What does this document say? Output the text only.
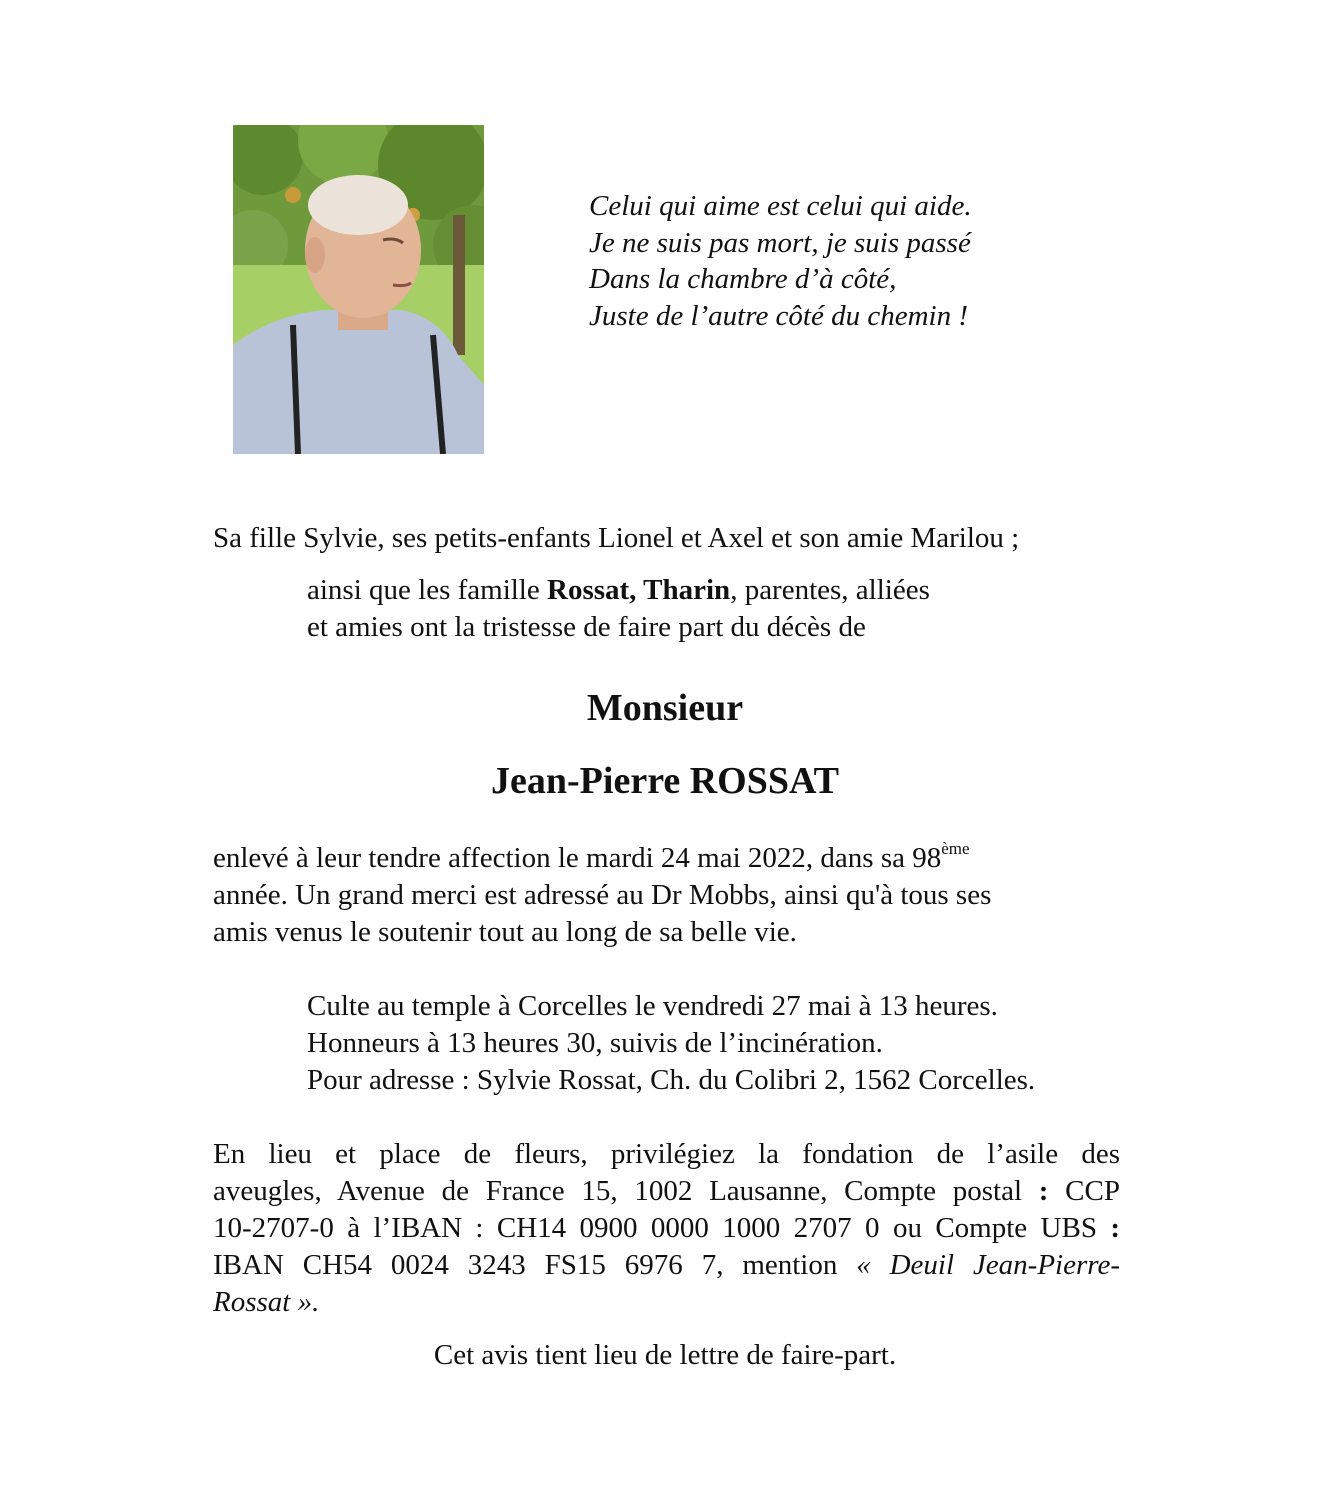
Celui qui aime est celui qui aide.
Je ne suis pas mort, je suis passé
Dans la chambre d’à côté,
Juste de l’autre côté du chemin !
Sa fille Sylvie, ses petits-enfants Lionel et Axel et son amie Marilou ;
ainsi que les famille Rossat, Tharin, parentes, alliées
et amies ont la tristesse de faire part du décès de
Monsieur
Jean-Pierre ROSSAT
enlevé à leur tendre affection le mardi 24 mai 2022, dans sa 98ème
année. Un grand merci est adressé au Dr Mobbs, ainsi qu'à tous ses
amis venus le soutenir tout au long de sa belle vie.
Culte au temple à Corcelles le vendredi 27 mai à 13 heures.
Honneurs à 13 heures 30, suivis de l’incinération.
Pour adresse : Sylvie Rossat, Ch. du Colibri 2, 1562 Corcelles.
En lieu et place de fleurs, privilégiez la fondation de l’asile des
aveugles, Avenue de France 15, 1002 Lausanne, Compte postal : CCP
10-2707-0 à l’IBAN : CH14 0900 0000 1000 2707 0 ou Compte UBS :
IBAN CH54 0024 3243 FS15 6976 7, mention « Deuil Jean-Pierre-
Rossat ».
Cet avis tient lieu de lettre de faire-part.
